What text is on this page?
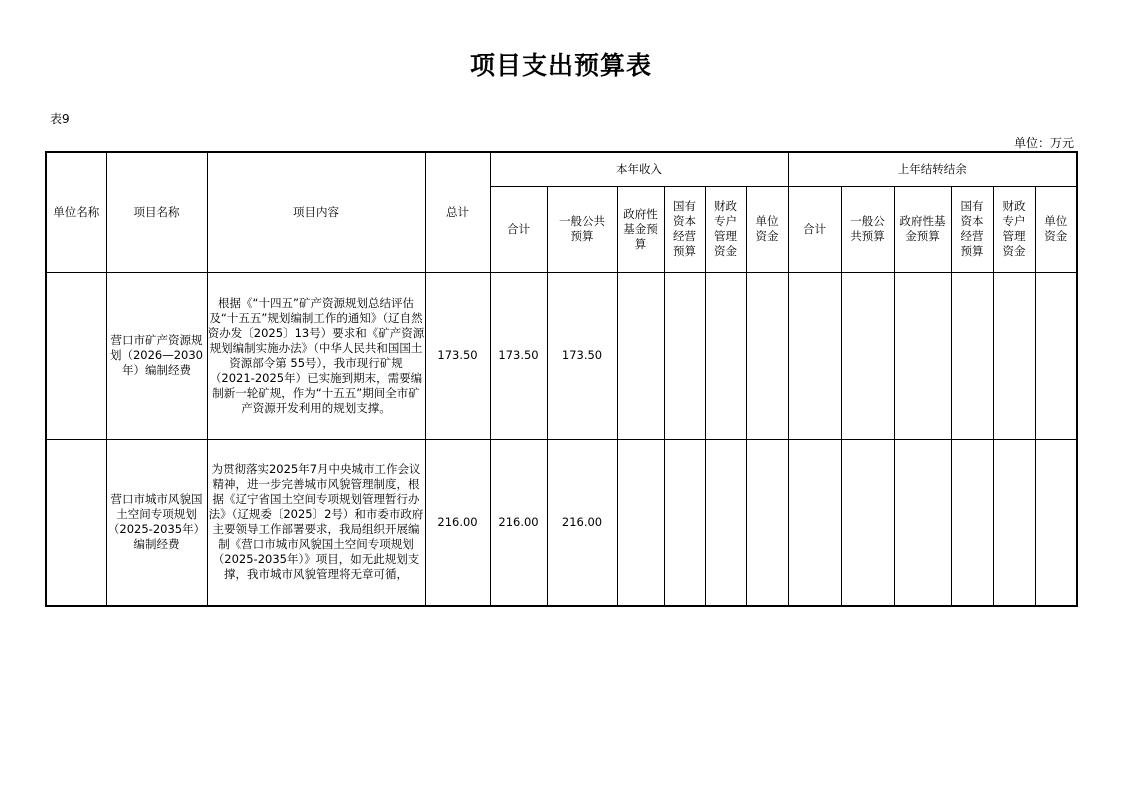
项目支出预算表
表9
单位：万元
单位名称	项目名称	项目内容	总计	本年收入						上年结转结余					
				合计	一般公共预算	政府性基金预算	国有资本经营预算	财政专户管理资金	单位资金	合计	一般公共预算	政府性基金预算	国有资本经营预算	财政专户管理资金	单位资金
	营口市矿产资源规划（2026—2030年）编制经费	根据《“十四五”矿产资源规划总结评估及“十五五”规划编制工作的通知》（辽自然资办发〔2025〕13号）要求和《矿产资源规划编制实施办法》（中华人民共和国国土资源部令第 55号），我市现行矿规（2021-2025年）已实施到期末，需要编制新一轮矿规，作为“十五五”期间全市矿产资源开发利用的规划支撑。	173.50	173.50	173.50										
	营口市城市风貌国土空间专项规划（2025-2035年）编制经费	为贯彻落实2025年7月中央城市工作会议精神，进一步完善城市风貌管理制度，根据《辽宁省国土空间专项规划管理暂行办法》（辽规委〔2025〕2号）和市委市政府主要领导工作部署要求，我局组织开展编制《营口市城市风貌国土空间专项规划（2025-2035年）》项目，如无此规划支撑，我市城市风貌管理将无章可循，	216.00	216.00	216.00										
